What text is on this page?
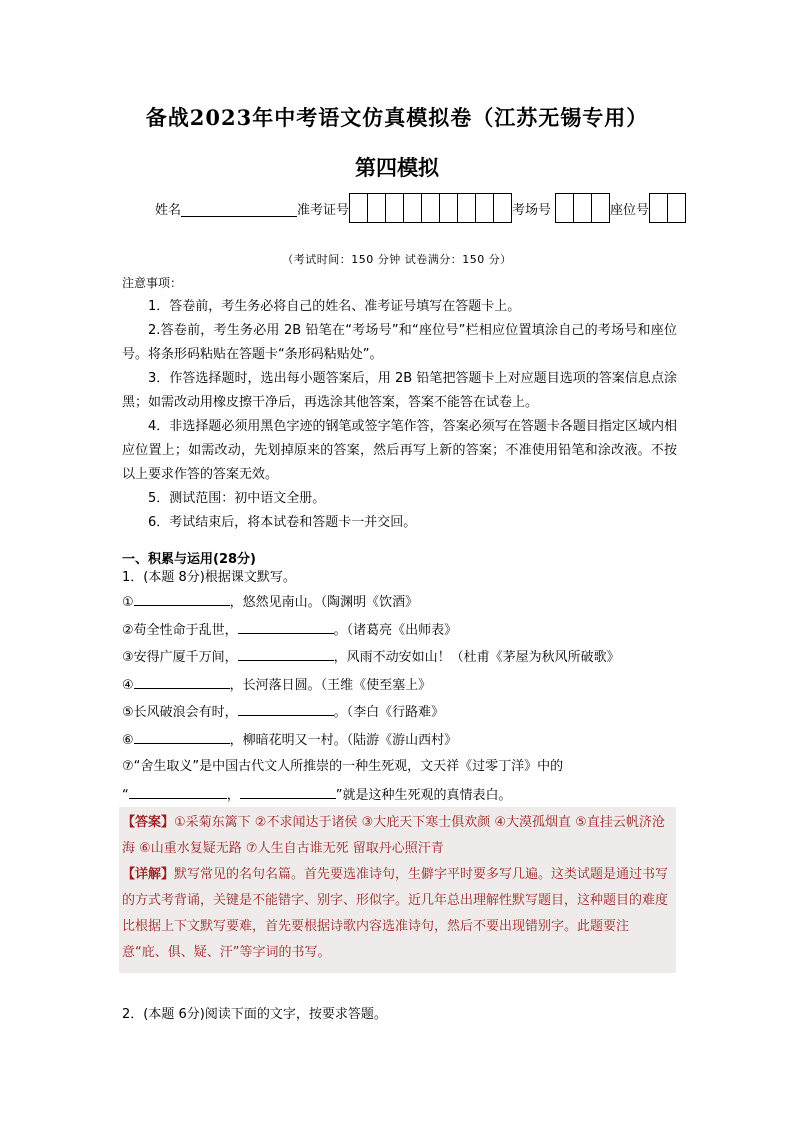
备战2023年中考语文仿真模拟卷（江苏无锡专用）
第四模拟
姓名	准考证号	考场号	座位号
（考试时间：150 分钟 试卷满分：150 分）
注意事项：

1．答卷前，考生务必将自己的姓名、准考证号填写在答题卡上。

2.答卷前，考生务必用 2B 铅笔在“考场号”和“座位号”栏相应位置填涂自己的考场号和座位号。将条形码粘贴在答题卡“条形码粘贴处”。

3．作答选择题时，选出每小题答案后，用 2B 铅笔把答题卡上对应题目选项的答案信息点涂黑；如需改动用橡皮擦干净后，再选涂其他答案，答案不能答在试卷上。

4．非选择题必须用黑色字迹的钢笔或签字笔作答，答案必须写在答题卡各题目指定区域内相应位置上；如需改动，先划掉原来的答案，然后再写上新的答案；不准使用铅笔和涂改液。不按以上要求作答的答案无效。

5．测试范围：初中语文全册。

6．考试结束后，将本试卷和答题卡一并交回。

一、积累与运用(28分)
1．(本题 8分)根据课文默写。
①	，悠然见南山。（陶渊明《饮酒》
②苟全性命于乱世，	。（诸葛亮《出师表》
③安得广厦千万间，	，风雨不动安如山！（杜甫《茅屋为秋风所破歌》
④	，长河落日圆。（王维《使至塞上》
⑤长风破浪会有时，	。（李白《行路难》
⑥	，柳暗花明又一村。（陆游《游山西村》
⑦“舍生取义”是中国古代文人所推崇的一种生死观，文天祥《过零丁洋》中的
“	，	”就是这种生死观的真情表白。
【答案】①采菊东篱下 ②不求闻达于诸侯 ③大庇天下寒士俱欢颜 ④大漠孤烟直 ⑤直挂云帆济沧海 ⑥山重水复疑无路 ⑦人生自古谁无死 留取丹心照汗青
【详解】默写常见的名句名篇。首先要选准诗句，生僻字平时要多写几遍。这类试题是通过书写的方式考背诵，关键是不能错字、别字、形似字。近几年总出理解性默写题目，这种题目的难度比根据上下文默写要难，首先要根据诗歌内容选准诗句，然后不要出现错别字。此题要注意“庇、俱、疑、汗”等字词的书写。
2．(本题 6分)阅读下面的文字，按要求答题。
